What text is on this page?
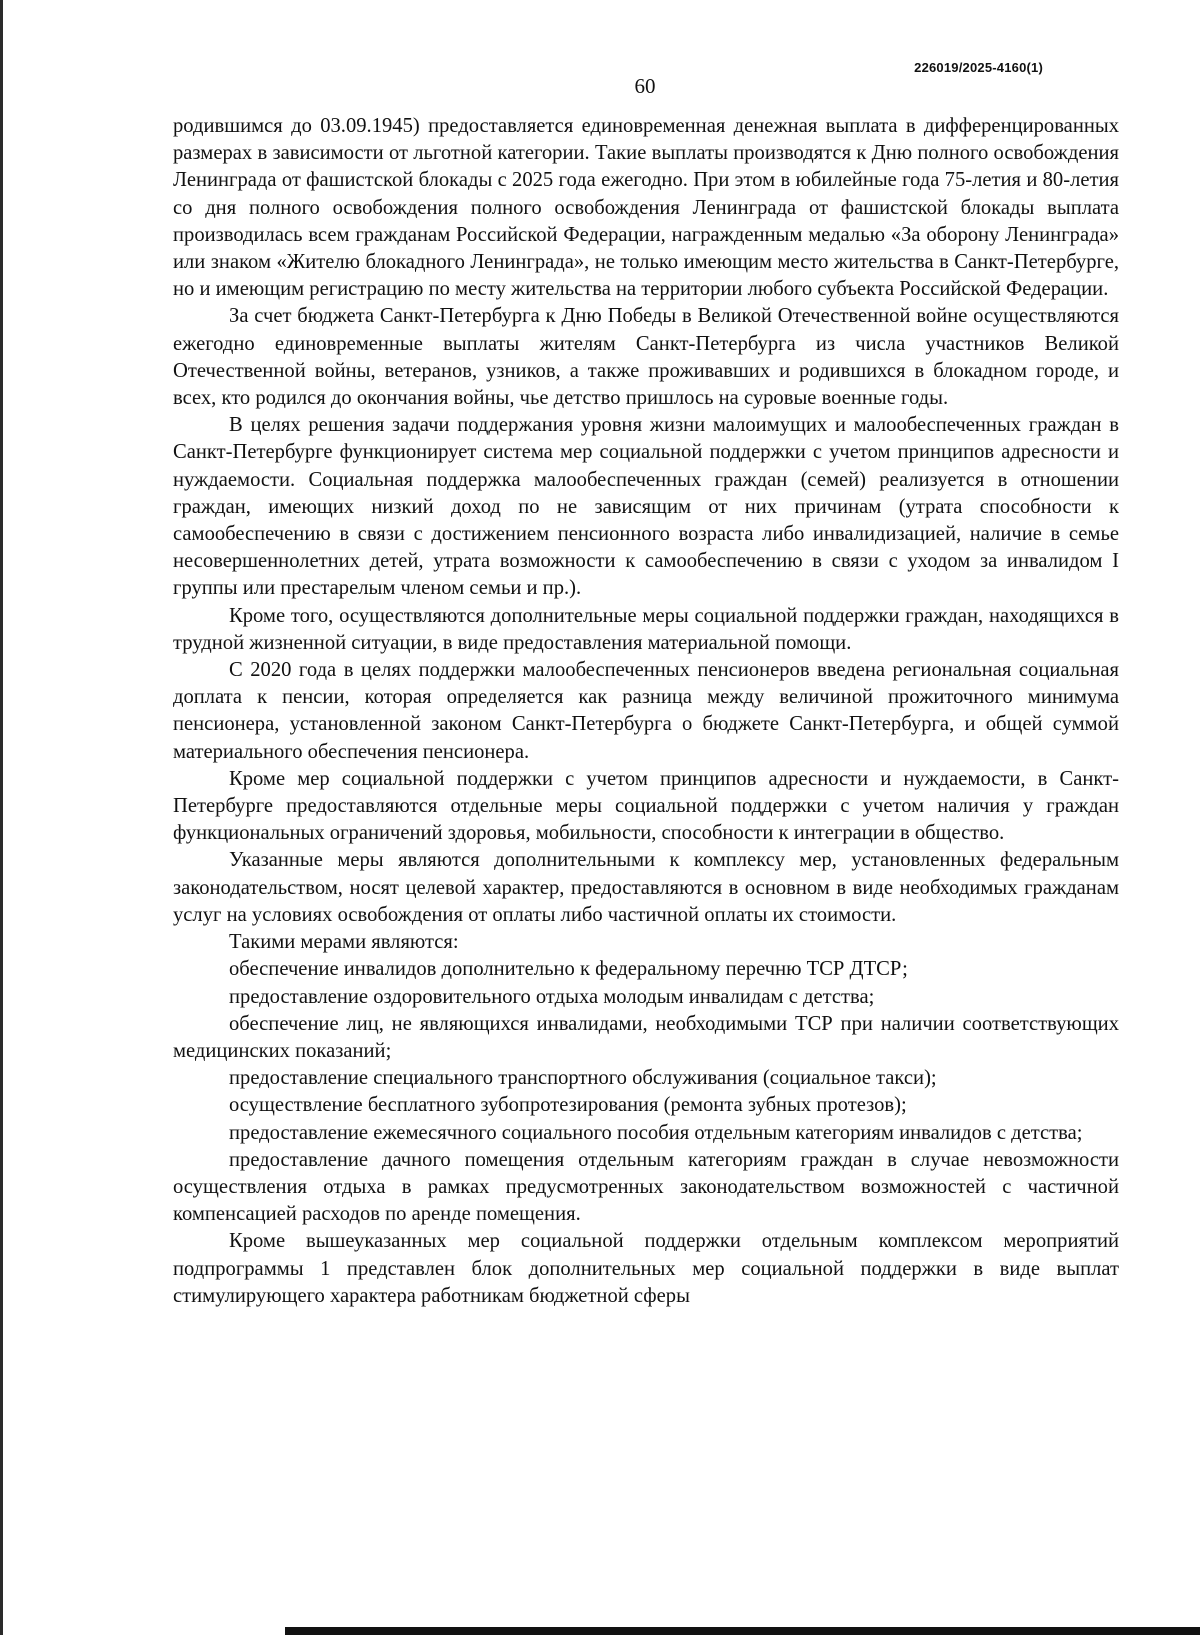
226019/2025-4160(1)
60

родившимся до 03.09.1945) предоставляется единовременная денежная выплата в дифференцированных размерах в зависимости от льготной категории. Такие выплаты производятся к Дню полного освобождения Ленинграда от фашистской блокады с 2025 года ежегодно. При этом в юбилейные года 75-летия и 80-летия со дня полного освобождения полного освобождения Ленинграда от фашистской блокады выплата производилась всем гражданам Российской Федерации, награжденным медалью «За оборону Ленинграда» или знаком «Жителю блокадного Ленинграда», не только имеющим место жительства в Санкт-Петербурге, но и имеющим регистрацию по месту жительства на территории любого субъекта Российской Федерации.

За счет бюджета Санкт-Петербурга к Дню Победы в Великой Отечественной войне осуществляются ежегодно единовременные выплаты жителям Санкт-Петербурга из числа участников Великой Отечественной войны, ветеранов, узников, а также проживавших и родившихся в блокадном городе, и всех, кто родился до окончания войны, чье детство пришлось на суровые военные годы.

В целях решения задачи поддержания уровня жизни малоимущих и малообеспеченных граждан в Санкт-Петербурге функционирует система мер социальной поддержки с учетом принципов адресности и нуждаемости. Социальная поддержка малообеспеченных граждан (семей) реализуется в отношении граждан, имеющих низкий доход по не зависящим от них причинам (утрата способности к самообеспечению в связи с достижением пенсионного возраста либо инвалидизацией, наличие в семье несовершеннолетних детей, утрата возможности к самообеспечению в связи с уходом за инвалидом I группы или престарелым членом семьи и пр.).

Кроме того, осуществляются дополнительные меры социальной поддержки граждан, находящихся в трудной жизненной ситуации, в виде предоставления материальной помощи.

С 2020 года в целях поддержки малообеспеченных пенсионеров введена региональная социальная доплата к пенсии, которая определяется как разница между величиной прожиточного минимума пенсионера, установленной законом Санкт-Петербурга о бюджете Санкт-Петербурга, и общей суммой материального обеспечения пенсионера.

Кроме мер социальной поддержки с учетом принципов адресности и нуждаемости, в Санкт-Петербурге предоставляются отдельные меры социальной поддержки с учетом наличия у граждан функциональных ограничений здоровья, мобильности, способности к интеграции в общество.

Указанные меры являются дополнительными к комплексу мер, установленных федеральным законодательством, носят целевой характер, предоставляются в основном в виде необходимых гражданам услуг на условиях освобождения от оплаты либо частичной оплаты их стоимости.

Такими мерами являются:

обеспечение инвалидов дополнительно к федеральному перечню ТСР ДТСР;

предоставление оздоровительного отдыха молодым инвалидам с детства;

обеспечение лиц, не являющихся инвалидами, необходимыми ТСР при наличии соответствующих медицинских показаний;

предоставление специального транспортного обслуживания (социальное такси);

осуществление бесплатного зубопротезирования (ремонта зубных протезов);

предоставление ежемесячного социального пособия отдельным категориям инвалидов с детства;

предоставление дачного помещения отдельным категориям граждан в случае невозможности осуществления отдыха в рамках предусмотренных законодательством возможностей с частичной компенсацией расходов по аренде помещения.

Кроме вышеуказанных мер социальной поддержки отдельным комплексом мероприятий подпрограммы 1 представлен блок дополнительных мер социальной поддержки в виде выплат стимулирующего характера работникам бюджетной сферы
